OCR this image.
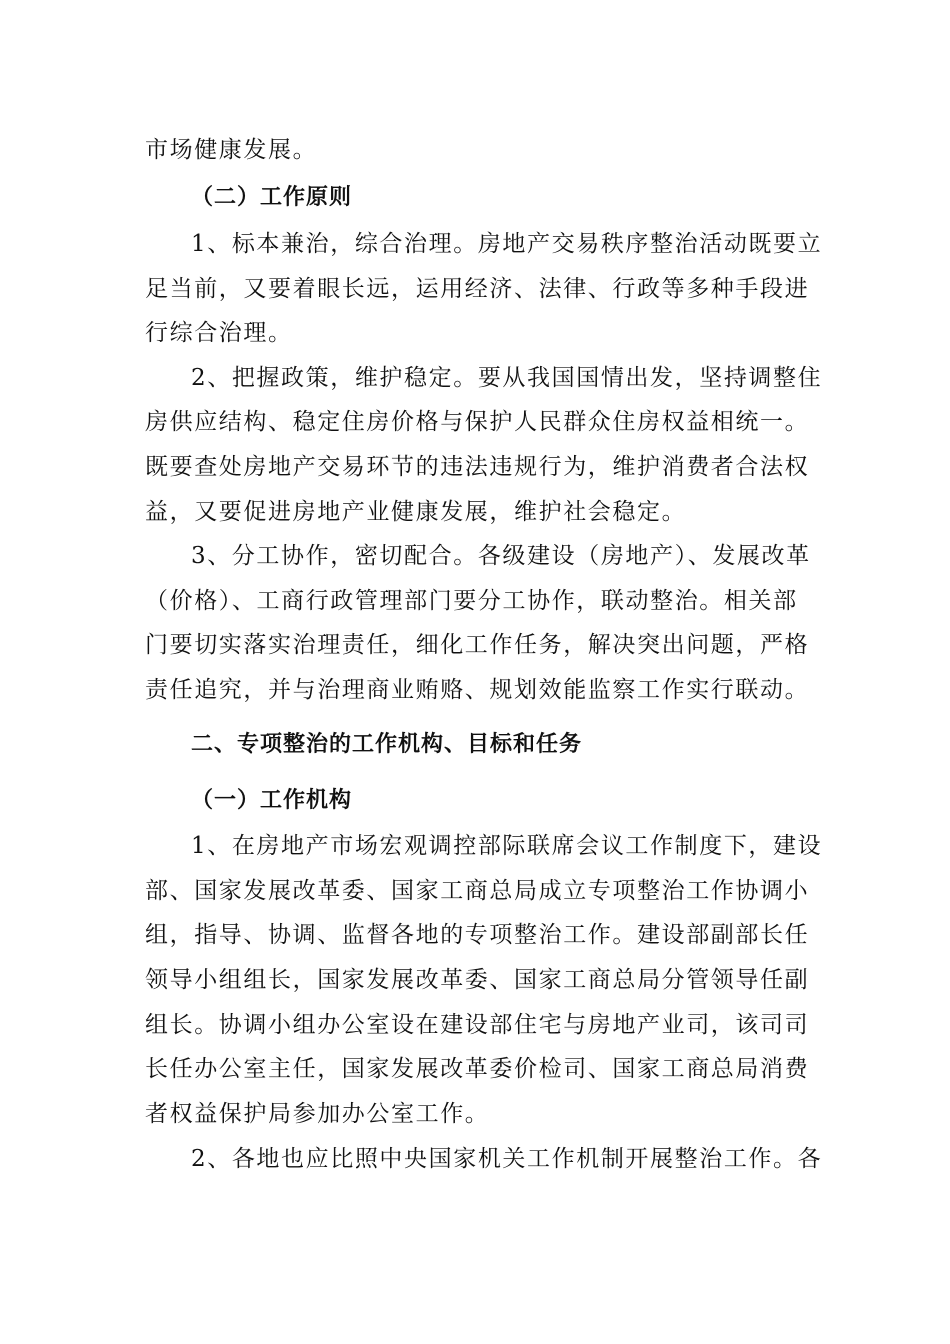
市场健康发展。
（二）工作原则
1、标本兼治，综合治理。房地产交易秩序整治活动既要立
足当前，又要着眼长远，运用经济、法律、行政等多种手段进
行综合治理。
2、把握政策，维护稳定。要从我国国情出发，坚持调整住
房供应结构、稳定住房价格与保护人民群众住房权益相统一。
既要查处房地产交易环节的违法违规行为，维护消费者合法权
益，又要促进房地产业健康发展，维护社会稳定。
3、分工协作，密切配合。各级建设（房地产）、发展改革
（价格）、工商行政管理部门要分工协作，联动整治。相关部
门要切实落实治理责任，细化工作任务，解决突出问题，严格
责任追究，并与治理商业贿赂、规划效能监察工作实行联动。
二、专项整治的工作机构、目标和任务
（一）工作机构
1、在房地产市场宏观调控部际联席会议工作制度下，建设
部、国家发展改革委、国家工商总局成立专项整治工作协调小
组，指导、协调、监督各地的专项整治工作。建设部副部长任
领导小组组长，国家发展改革委、国家工商总局分管领导任副
组长。协调小组办公室设在建设部住宅与房地产业司，该司司
长任办公室主任，国家发展改革委价检司、国家工商总局消费
者权益保护局参加办公室工作。
2、各地也应比照中央国家机关工作机制开展整治工作。各
